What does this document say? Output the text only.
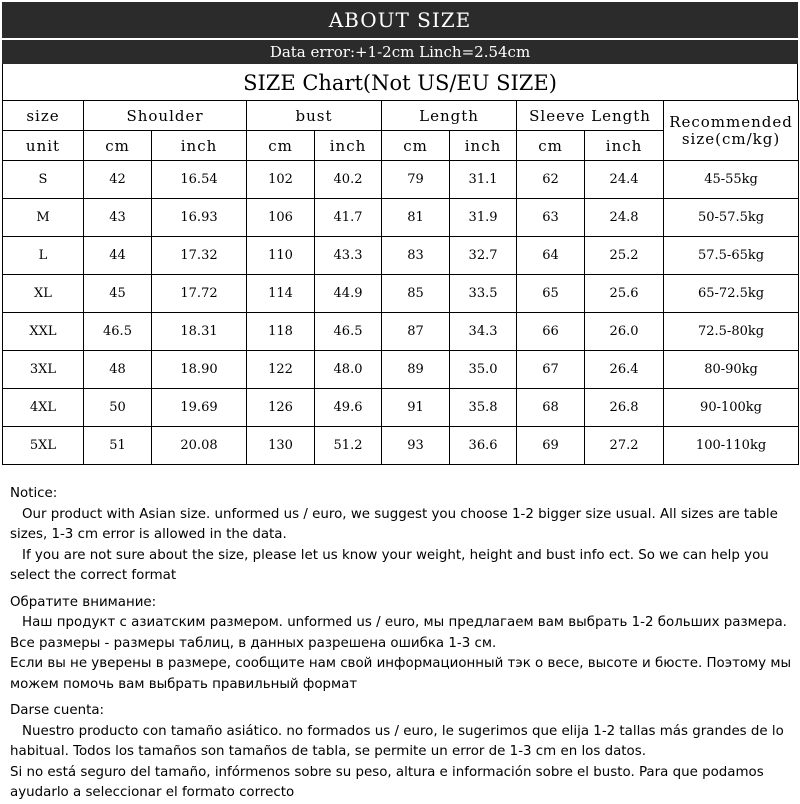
ABOUT SIZE
Data error:+1-2cm Linch=2.54cm
SIZE Chart(Not US/EU SIZE)
size	Shoulder		bust		Length		Sleeve Length		Recommended
size(cm/kg)
unit	cm	inch	cm	inch	cm	inch	cm	inch	
S	42	16.54	102	40.2	79	31.1	62	24.4	45-55kg
M	43	16.93	106	41.7	81	31.9	63	24.8	50-57.5kg
L	44	17.32	110	43.3	83	32.7	64	25.2	57.5-65kg
XL	45	17.72	114	44.9	85	33.5	65	25.6	65-72.5kg
XXL	46.5	18.31	118	46.5	87	34.3	66	26.0	72.5-80kg
3XL	48	18.90	122	48.0	89	35.0	67	26.4	80-90kg
4XL	50	19.69	126	49.6	91	35.8	68	26.8	90-100kg
5XL	51	20.08	130	51.2	93	36.6	69	27.2	100-110kg

Notice:

Our product with Asian size. unformed us / euro, we suggest you choose 1-2 bigger size usual. All sizes are table sizes, 1-3 cm error is allowed in the data.

If you are not sure about the size, please let us know your weight, height and bust info ect. So we can help you select the correct format

Обратите внимание:

Наш продукт с азиатским размером. unformed us / euro, мы предлагаем вам выбрать 1-2 больших размера. Все размеры - размеры таблиц, в данных разрешена ошибка 1-3 см.

Если вы не уверены в размере, сообщите нам свой информационный тэк о весе, высоте и бюсте. Поэтому мы можем помочь вам выбрать правильный формат

Darse cuenta:

Nuestro producto con tamaño asiático. no formados us / euro, le sugerimos que elija 1-2 tallas más grandes de lo habitual. Todos los tamaños son tamaños de tabla, se permite un error de 1-3 cm en los datos.

Si no está seguro del tamaño, infórmenos sobre su peso, altura e información sobre el busto. Para que podamos ayudarlo a seleccionar el formato correcto
